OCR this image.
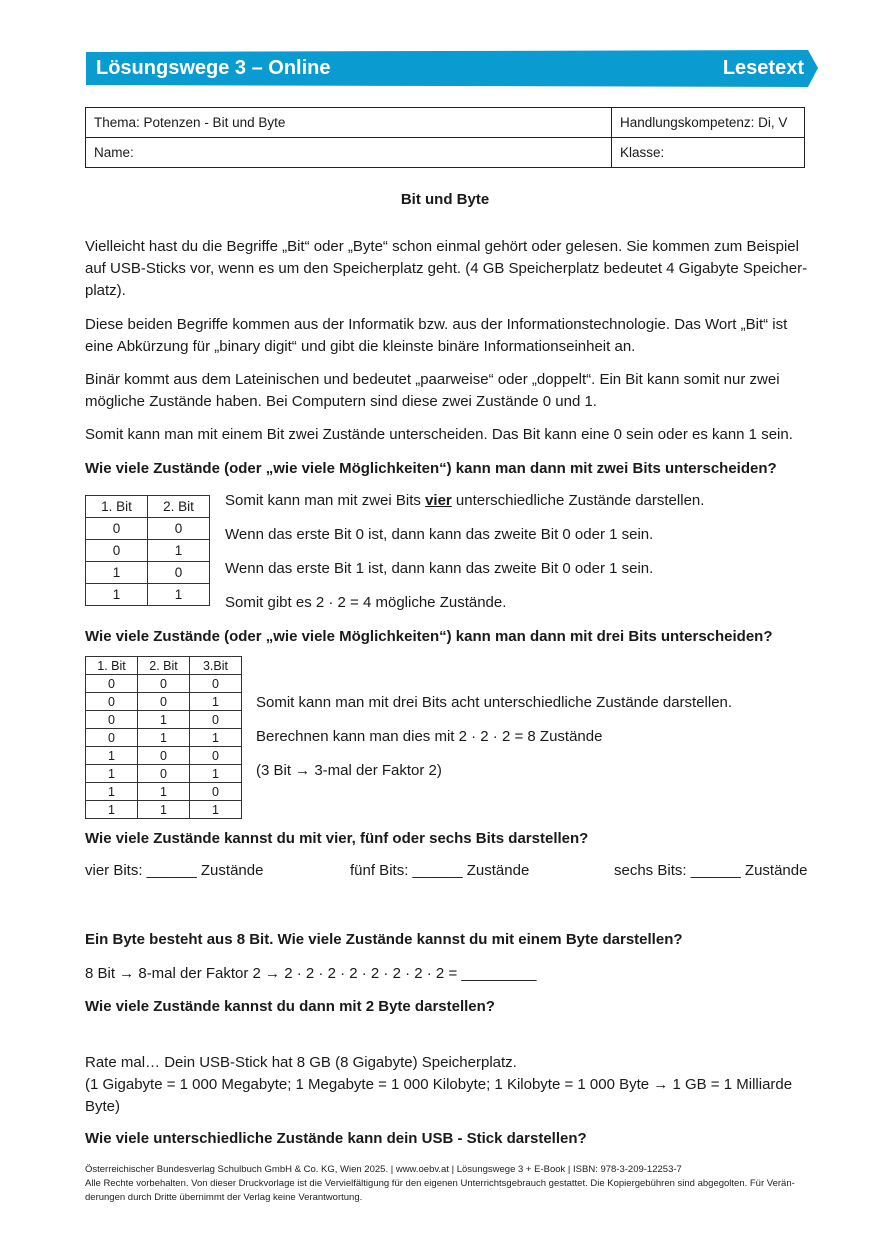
Lösungswege 3 – Online	Lesetext
Thema: Potenzen - Bit und Byte	Handlungskompetenz: Di, V
Name:	Klasse:
Bit und Byte
Vielleicht hast du die Begriffe „Bit“ oder „Byte“ schon einmal gehört oder gelesen. Sie kommen zum Beispiel
auf USB-Sticks vor, wenn es um den Speicherplatz geht. (4 GB Speicherplatz bedeutet 4 Gigabyte Speicher-
platz).
Diese beiden Begriffe kommen aus der Informatik bzw. aus der Informationstechnologie. Das Wort „Bit“ ist
eine Abkürzung für „binary digit“ und gibt die kleinste binäre Informationseinheit an.
Binär kommt aus dem Lateinischen und bedeutet „paarweise“ oder „doppelt“. Ein Bit kann somit nur zwei
mögliche Zustände haben. Bei Computern sind diese zwei Zustände 0 und 1.
Somit kann man mit einem Bit zwei Zustände unterscheiden. Das Bit kann eine 0 sein oder es kann 1 sein.
Wie viele Zustände (oder „wie viele Möglichkeiten“) kann man dann mit zwei Bits unterscheiden?
1. Bit	2. Bit
0	0
0	1
1	0
1	1
Somit kann man mit zwei Bits vier unterschiedliche Zustände darstellen.
Wenn das erste Bit 0 ist, dann kann das zweite Bit 0 oder 1 sein.
Wenn das erste Bit 1 ist, dann kann das zweite Bit 0 oder 1 sein.
Somit gibt es 2 · 2 = 4 mögliche Zustände.
Wie viele Zustände (oder „wie viele Möglichkeiten“) kann man dann mit drei Bits unterscheiden?
1. Bit	2. Bit	3.Bit
0	0	0
0	0	1
0	1	0
0	1	1
1	0	0
1	0	1
1	1	0
1	1	1
Somit kann man mit drei Bits acht unterschiedliche Zustände darstellen.
Berechnen kann man dies mit 2 · 2 · 2 = 8 Zustände
(3 Bit → 3-mal der Faktor 2)
Wie viele Zustände kannst du mit vier, fünf oder sechs Bits darstellen?
vier Bits: ______ Zustände	fünf Bits: ______ Zustände	sechs Bits: ______ Zustände
Ein Byte besteht aus 8 Bit. Wie viele Zustände kannst du mit einem Byte darstellen?
8 Bit → 8-mal der Faktor 2 → 2 · 2 · 2 · 2 · 2 · 2 · 2 · 2 = _________
Wie viele Zustände kannst du dann mit 2 Byte darstellen?
Rate mal… Dein USB-Stick hat 8 GB (8 Gigabyte) Speicherplatz.
(1 Gigabyte = 1 000 Megabyte; 1 Megabyte = 1 000 Kilobyte; 1 Kilobyte = 1 000 Byte → 1 GB = 1 Milliarde
Byte)
Wie viele unterschiedliche Zustände kann dein USB - Stick darstellen?
Österreichischer Bundesverlag Schulbuch GmbH & Co. KG, Wien 2025. | www.oebv.at | Lösungswege 3 + E-Book | ISBN: 978-3-209-12253-7
Alle Rechte vorbehalten. Von dieser Druckvorlage ist die Vervielfältigung für den eigenen Unterrichtsgebrauch gestattet. Die Kopiergebühren sind abgegolten. Für Verän-
derungen durch Dritte übernimmt der Verlag keine Verantwortung.
